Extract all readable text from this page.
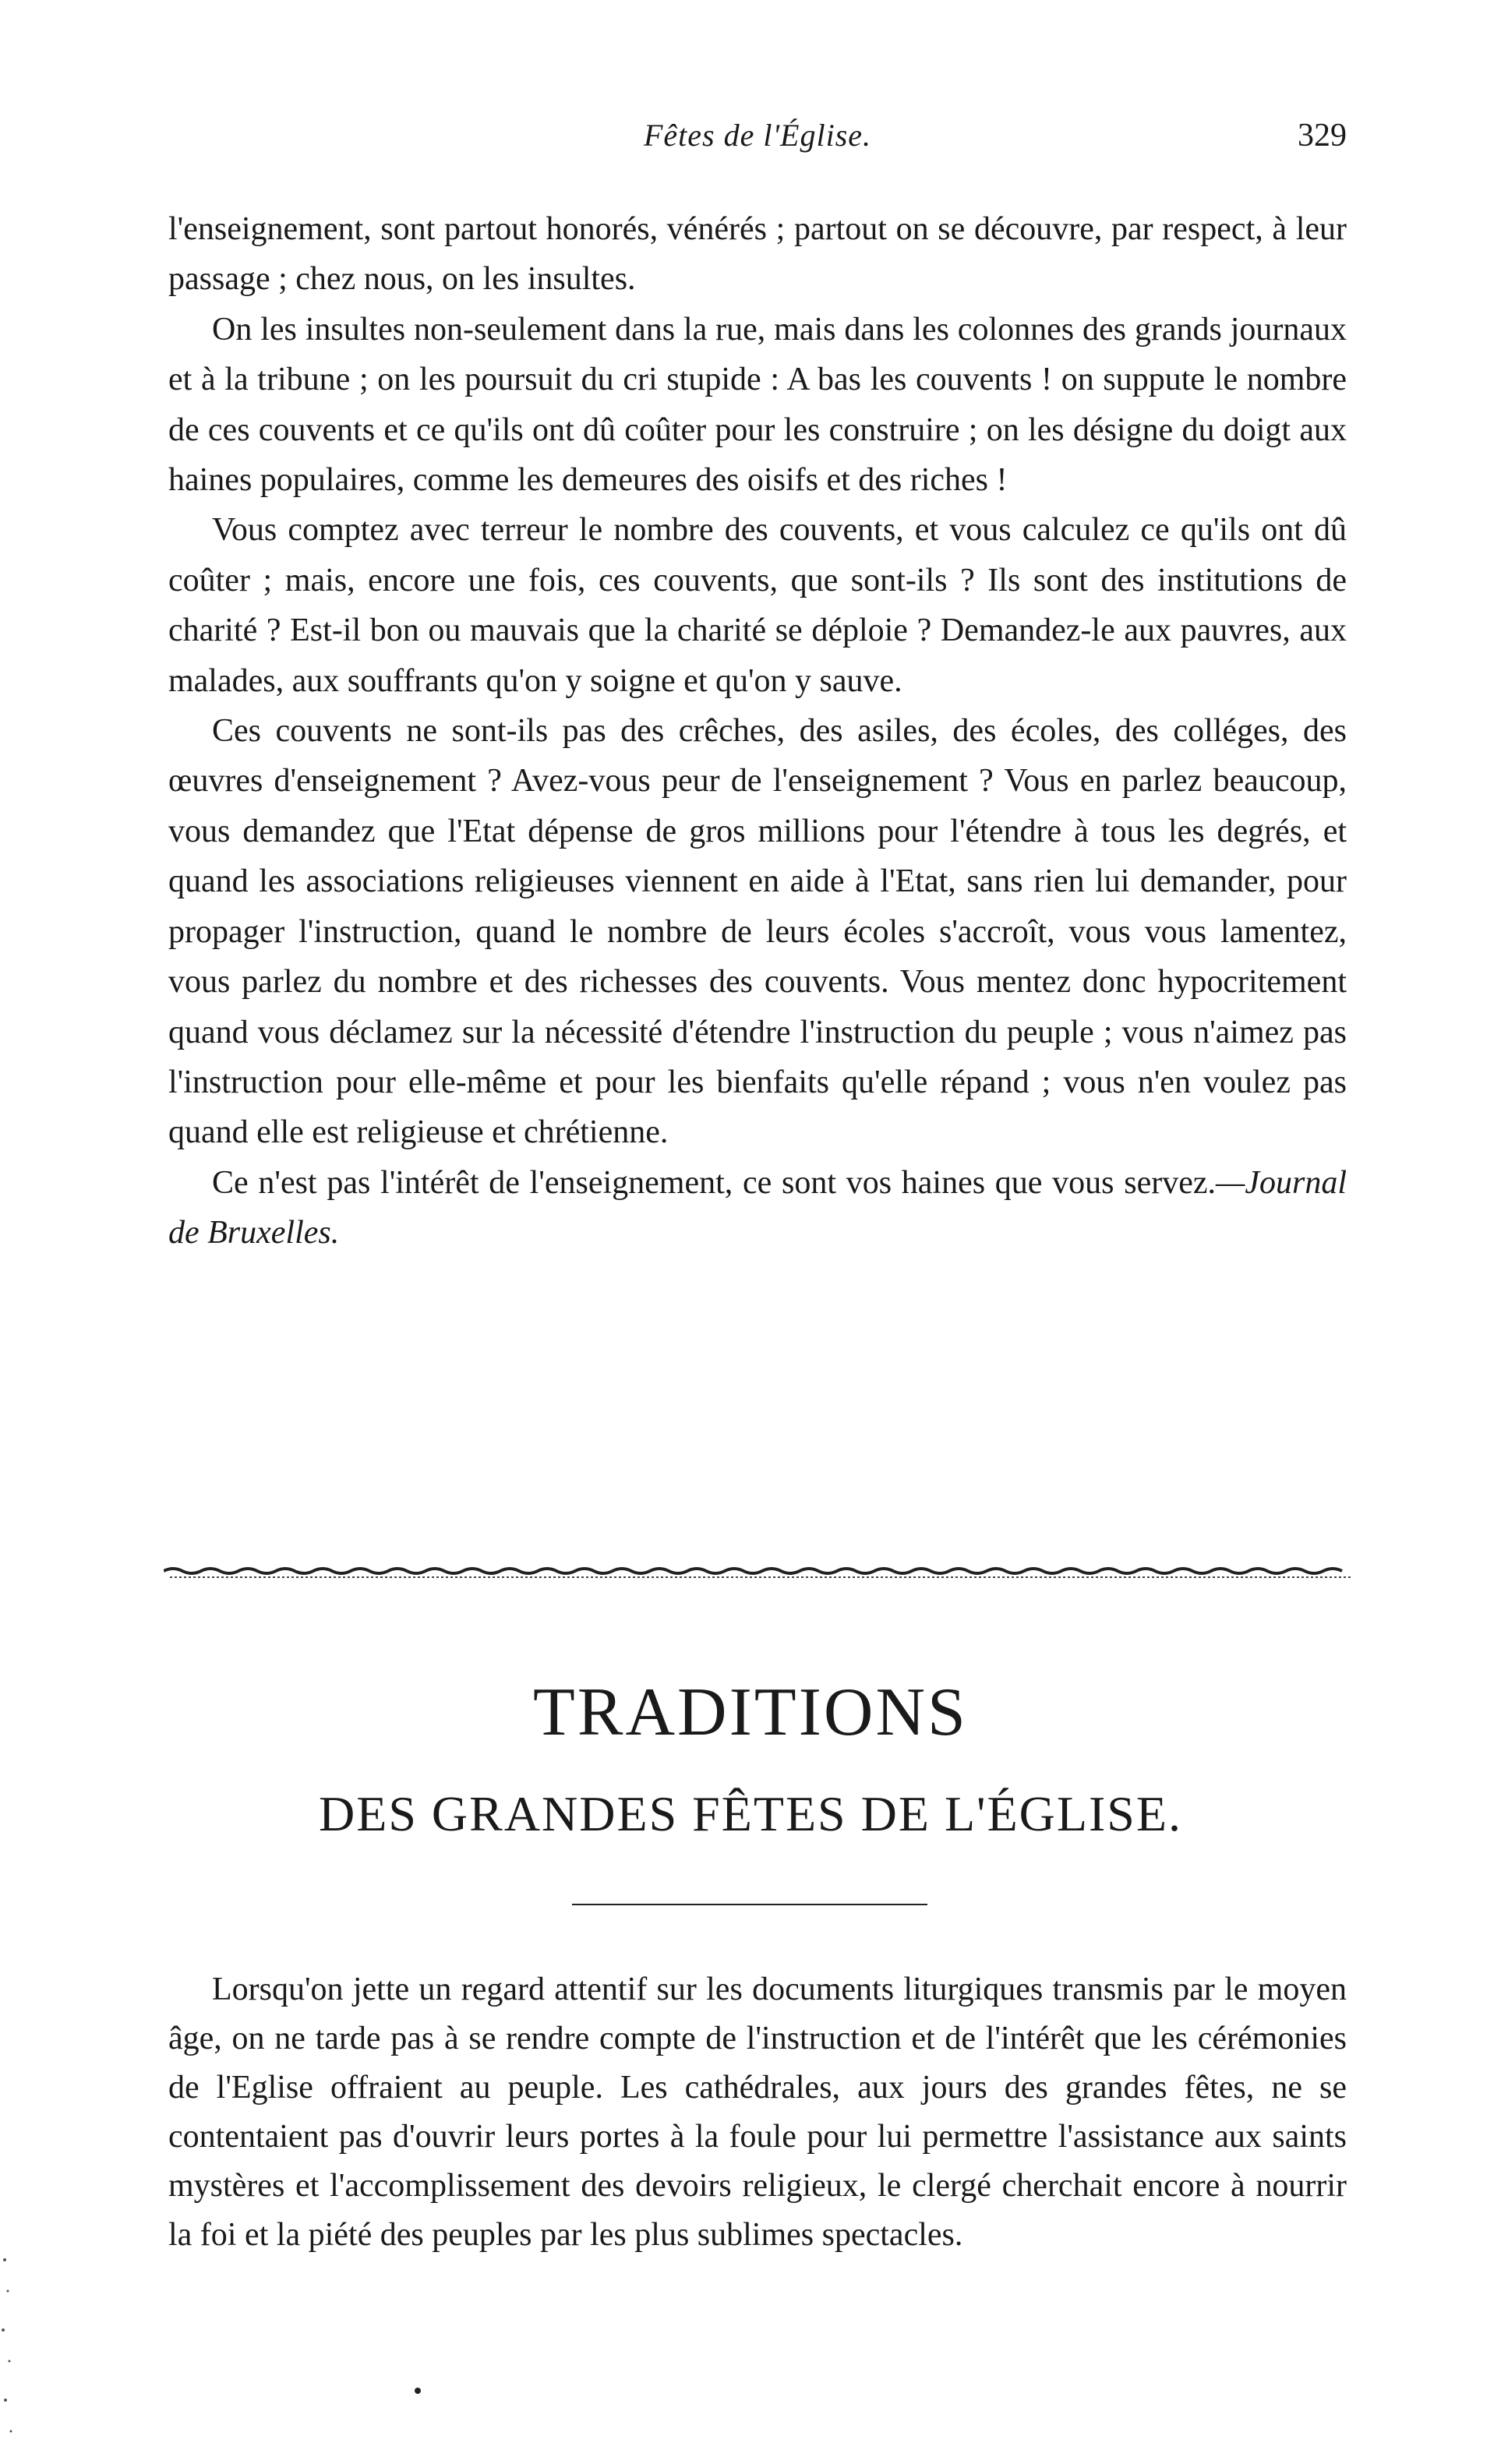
Fêtes de l'Église.	329

l'enseignement, sont partout honorés, vénérés ; partout on se découvre, par respect, à leur passage ; chez nous, on les insultes.

On les insultes non-seulement dans la rue, mais dans les colonnes des grands journaux et à la tribune ; on les poursuit du cri stupide : A bas les couvents ! on suppute le nombre de ces couvents et ce qu'ils ont dû coûter pour les construire ; on les désigne du doigt aux haines populaires, comme les demeures des oisifs et des riches !

Vous comptez avec terreur le nombre des couvents, et vous calculez ce qu'ils ont dû coûter ; mais, encore une fois, ces couvents, que sont-ils ? Ils sont des institutions de charité ? Est-il bon ou mauvais que la charité se déploie ? Demandez-le aux pauvres, aux malades, aux souffrants qu'on y soigne et qu'on y sauve.

Ces couvents ne sont-ils pas des crêches, des asiles, des écoles, des colléges, des œuvres d'enseignement ? Avez-vous peur de l'enseignement ? Vous en parlez beaucoup, vous demandez que l'Etat dépense de gros millions pour l'étendre à tous les degrés, et quand les associations religieuses viennent en aide à l'Etat, sans rien lui demander, pour propager l'instruction, quand le nombre de leurs écoles s'accroît, vous vous lamentez, vous parlez du nombre et des richesses des couvents. Vous mentez donc hypocritement quand vous déclamez sur la nécessité d'étendre l'instruction du peuple ; vous n'aimez pas l'instruction pour elle-même et pour les bienfaits qu'elle répand ; vous n'en voulez pas quand elle est religieuse et chrétienne.

Ce n'est pas l'intérêt de l'enseignement, ce sont vos haines que vous servez.—Journal de Bruxelles.

TRADITIONS
DES GRANDES FÊTES DE L'ÉGLISE.

Lorsqu'on jette un regard attentif sur les documents liturgiques transmis par le moyen âge, on ne tarde pas à se rendre compte de l'instruction et de l'intérêt que les cérémonies de l'Eglise offraient au peuple. Les cathédrales, aux jours des grandes fêtes, ne se contentaient pas d'ouvrir leurs portes à la foule pour lui permettre l'assistance aux saints mystères et l'accomplissement des devoirs religieux, le clergé cherchait encore à nourrir la foi et la piété des peuples par les plus sublimes spectacles.
